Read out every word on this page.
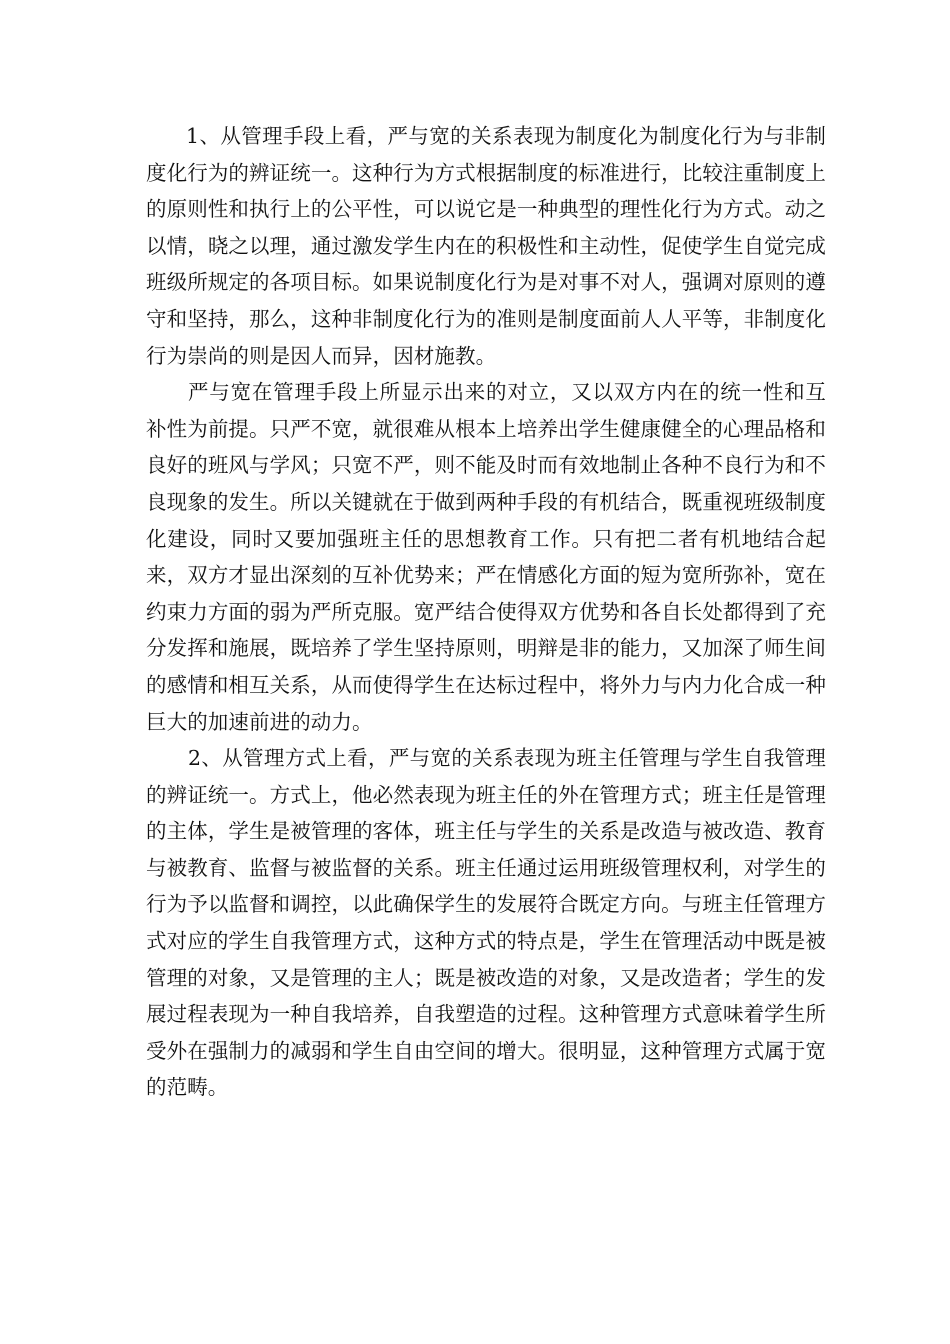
1、从管理手段上看，严与宽的关系表现为制度化为制度化行为与非制度化行为的辨证统一。这种行为方式根据制度的标准进行，比较注重制度上的原则性和执行上的公平性，可以说它是一种典型的理性化行为方式。动之以情，晓之以理，通过激发学生内在的积极性和主动性，促使学生自觉完成班级所规定的各项目标。如果说制度化行为是对事不对人，强调对原则的遵守和坚持，那么，这种非制度化行为的准则是制度面前人人平等，非制度化行为崇尚的则是因人而异，因材施教。

严与宽在管理手段上所显示出来的对立，又以双方内在的统一性和互补性为前提。只严不宽，就很难从根本上培养出学生健康健全的心理品格和良好的班风与学风；只宽不严，则不能及时而有效地制止各种不良行为和不良现象的发生。所以关键就在于做到两种手段的有机结合，既重视班级制度化建设，同时又要加强班主任的思想教育工作。只有把二者有机地结合起来，双方才显出深刻的互补优势来；严在情感化方面的短为宽所弥补，宽在约束力方面的弱为严所克服。宽严结合使得双方优势和各自长处都得到了充分发挥和施展，既培养了学生坚持原则，明辩是非的能力，又加深了师生间的感情和相互关系，从而使得学生在达标过程中，将外力与内力化合成一种巨大的加速前进的动力。

2、从管理方式上看，严与宽的关系表现为班主任管理与学生自我管理的辨证统一。方式上，他必然表现为班主任的外在管理方式；班主任是管理的主体，学生是被管理的客体，班主任与学生的关系是改造与被改造、教育与被教育、监督与被监督的关系。班主任通过运用班级管理权利，对学生的行为予以监督和调控，以此确保学生的发展符合既定方向。与班主任管理方式对应的学生自我管理方式，这种方式的特点是，学生在管理活动中既是被管理的对象，又是管理的主人；既是被改造的对象，又是改造者；学生的发展过程表现为一种自我培养，自我塑造的过程。这种管理方式意味着学生所受外在强制力的减弱和学生自由空间的增大。很明显，这种管理方式属于宽的范畴。
